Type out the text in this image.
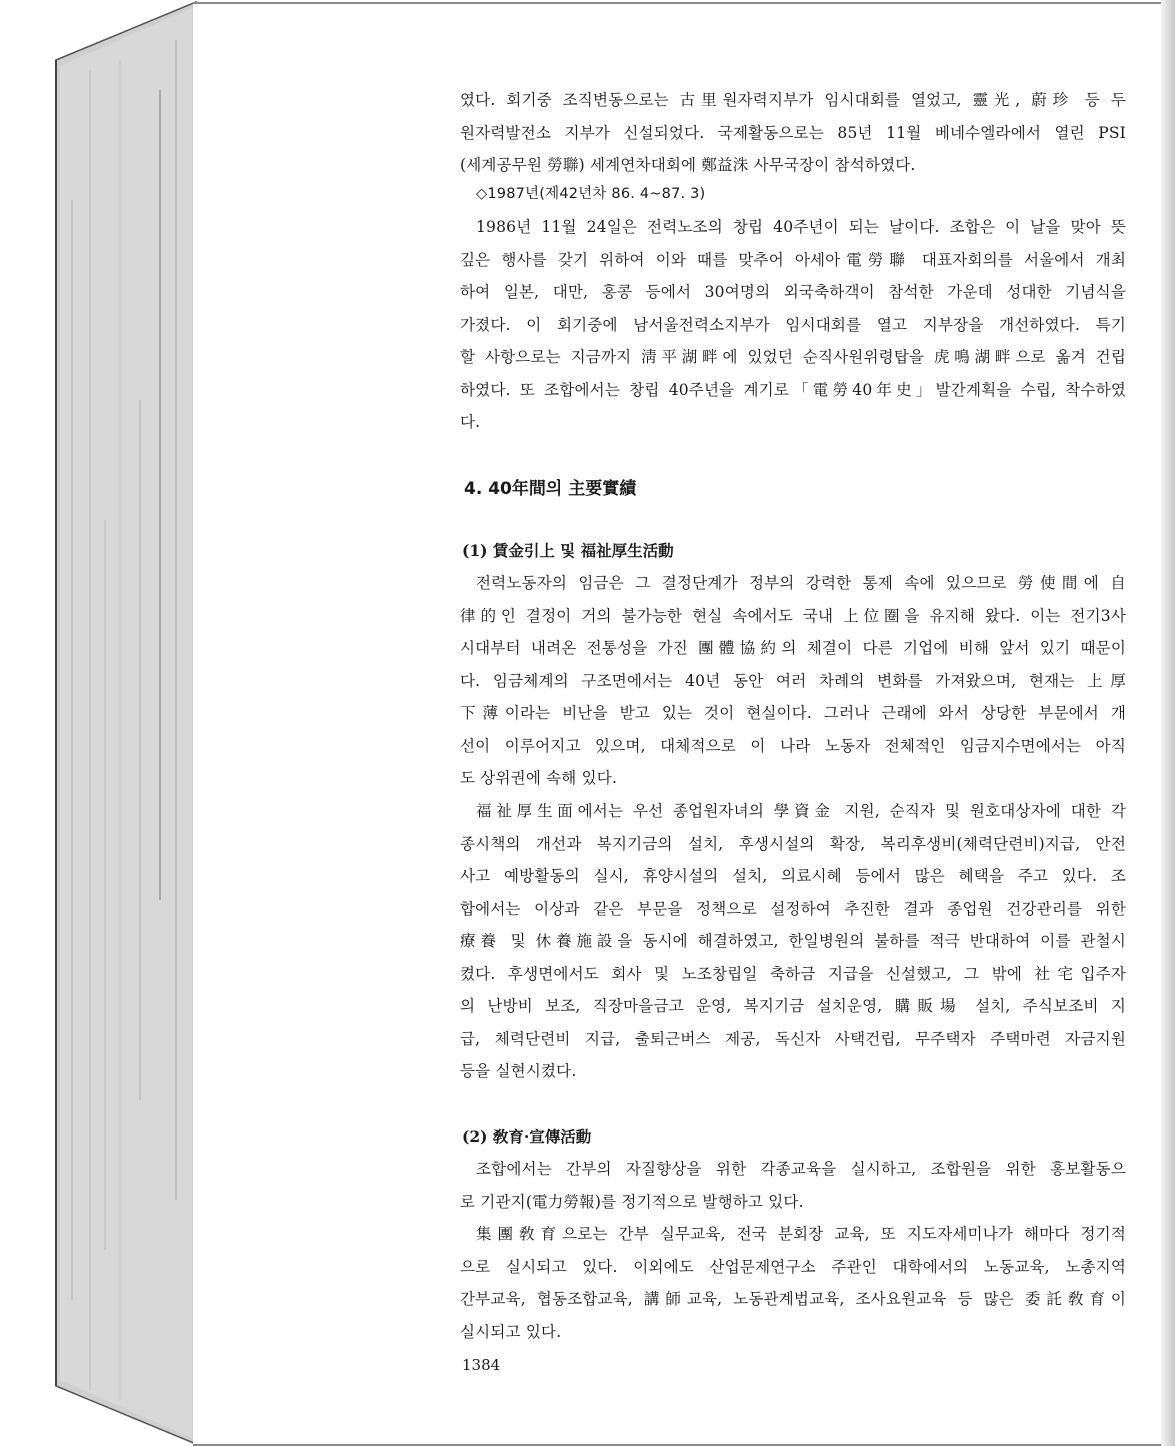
였다. 회기중 조직변동으로는 古里원자력지부가 임시대회를 열었고, 靈光, 蔚珍 등 두
원자력발전소 지부가 신설되었다. 국제활동으로는 85년 11월 베네수엘라에서 열린 PSI
(세계공무원 勞聯) 세계연차대회에 鄭益洙 사무국장이 참석하였다.
◇1987년(제42년차 86. 4~87. 3)
1986년 11월 24일은 전력노조의 창립 40주년이 되는 날이다. 조합은 이 날을 맞아 뜻
깊은 행사를 갖기 위하여 이와 때를 맞추어 아세아電勞聯 대표자회의를 서울에서 개최
하여 일본, 대만, 홍콩 등에서 30여명의 외국축하객이 참석한 가운데 성대한 기념식을
가졌다. 이 회기중에 남서울전력소지부가 임시대회를 열고 지부장을 개선하였다. 특기
할 사항으로는 지금까지 淸平湖畔에 있었던 순직사원위령탑을 虎鳴湖畔으로 옮겨 건립
하였다. 또 조합에서는 창립 40주년을 계기로「電勞40年史」발간계획을 수립, 착수하였
다.
4. 40年間의 主要實績
(1) 賃金引上 및 福祉厚生活動
전력노동자의 임금은 그 결정단계가 정부의 강력한 통제 속에 있으므로 勞使間에 自
律的인 결정이 거의 불가능한 현실 속에서도 국내 上位圈을 유지해 왔다. 이는 전기3사
시대부터 내려온 전통성을 가진 團體協約의 체결이 다른 기업에 비해 앞서 있기 때문이
다. 임금체계의 구조면에서는 40년 동안 여러 차례의 변화를 가져왔으며, 현재는 上厚
下薄이라는 비난을 받고 있는 것이 현실이다. 그러나 근래에 와서 상당한 부문에서 개
선이 이루어지고 있으며, 대체적으로 이 나라 노동자 전체적인 임금지수면에서는 아직
도 상위권에 속해 있다.
福祉厚生面에서는 우선 종업원자녀의 學資金 지원, 순직자 및 원호대상자에 대한 각
종시책의 개선과 복지기금의 설치, 후생시설의 확장, 복리후생비(체력단련비)지급, 안전
사고 예방활동의 실시, 휴양시설의 설치, 의료시혜 등에서 많은 혜택을 주고 있다. 조
합에서는 이상과 같은 부문을 정책으로 설정하여 추진한 결과 종업원 건강관리를 위한
療養 및 休養施設을 동시에 해결하였고, 한일병원의 불하를 적극 반대하여 이를 관철시
켰다. 후생면에서도 회사 및 노조창립일 축하금 지급을 신설했고, 그 밖에 社宅입주자
의 난방비 보조, 직장마을금고 운영, 복지기금 설치운영, 購販場 설치, 주식보조비 지
급, 체력단련비 지급, 출퇴근버스 제공, 독신자 사택건립, 무주택자 주택마련 자금지원
등을 실현시켰다.
(2) 敎育·宣傳活動
조합에서는 간부의 자질향상을 위한 각종교육을 실시하고, 조합원을 위한 홍보활동으
로 기관지(電力勞報)를 정기적으로 발행하고 있다.
集團敎育으로는 간부 실무교육, 전국 분회장 교육, 또 지도자세미나가 해마다 정기적
으로 실시되고 있다. 이외에도 산업문제연구소 주관인 대학에서의 노동교육, 노총지역
간부교육, 협동조합교육, 講師교육, 노동관계법교육, 조사요원교육 등 많은 委託敎育이
실시되고 있다.
1384
